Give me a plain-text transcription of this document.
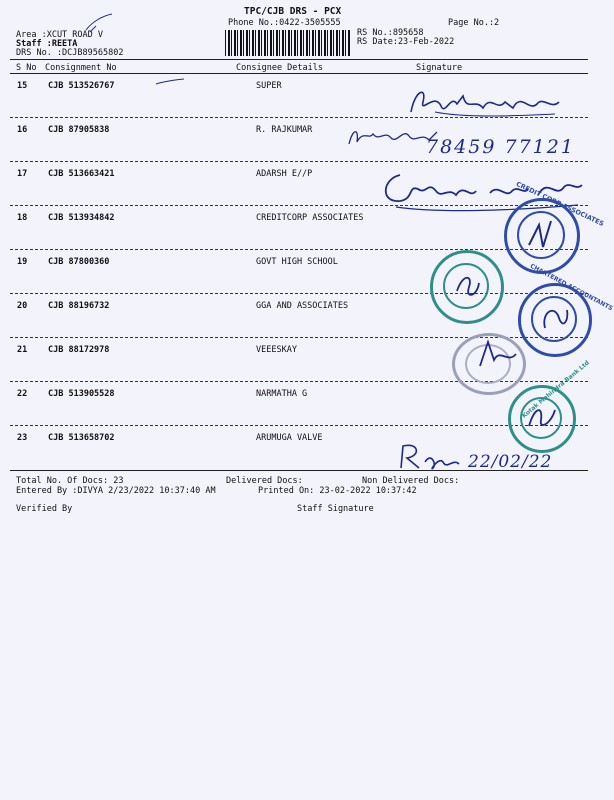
TPC/CJB DRS - PCX
Phone No.:0422-3505555	Page No.:2
Area :XCUT ROAD V
Staff :REETA
DRS No. :DCJB89565802
RS No.:895658
RS Date:23-Feb-2022
S No Consignment No	Consignee Details	Signature
15 CJB 513526767	SUPER
16 CJB 87905838	R. RAJKUMAR
17 CJB 513663421	ADARSH E//P
18 CJB 513934842	CREDITCORP ASSOCIATES
19 CJB 87800360	GOVT HIGH SCHOOL
20 CJB 88196732	GGA AND ASSOCIATES
21 CJB 88172978	VEEESKAY
22 CJB 513905528	NARMATHA G
23 CJB 513658702	ARUMUGA VALVE
78459 77121
CREDIT CORP ASSOCIATES
CHARTERED ACCOUNTANTS
Kotak Mahindra Bank Ltd
22/02/22
Total No. Of Docs: 23	Delivered Docs:	Non Delivered Docs:
Entered By :DIVYA 2/23/2022 10:37:40 AM	Printed On: 23-02-2022 10:37:42
Verified By	Staff Signature
